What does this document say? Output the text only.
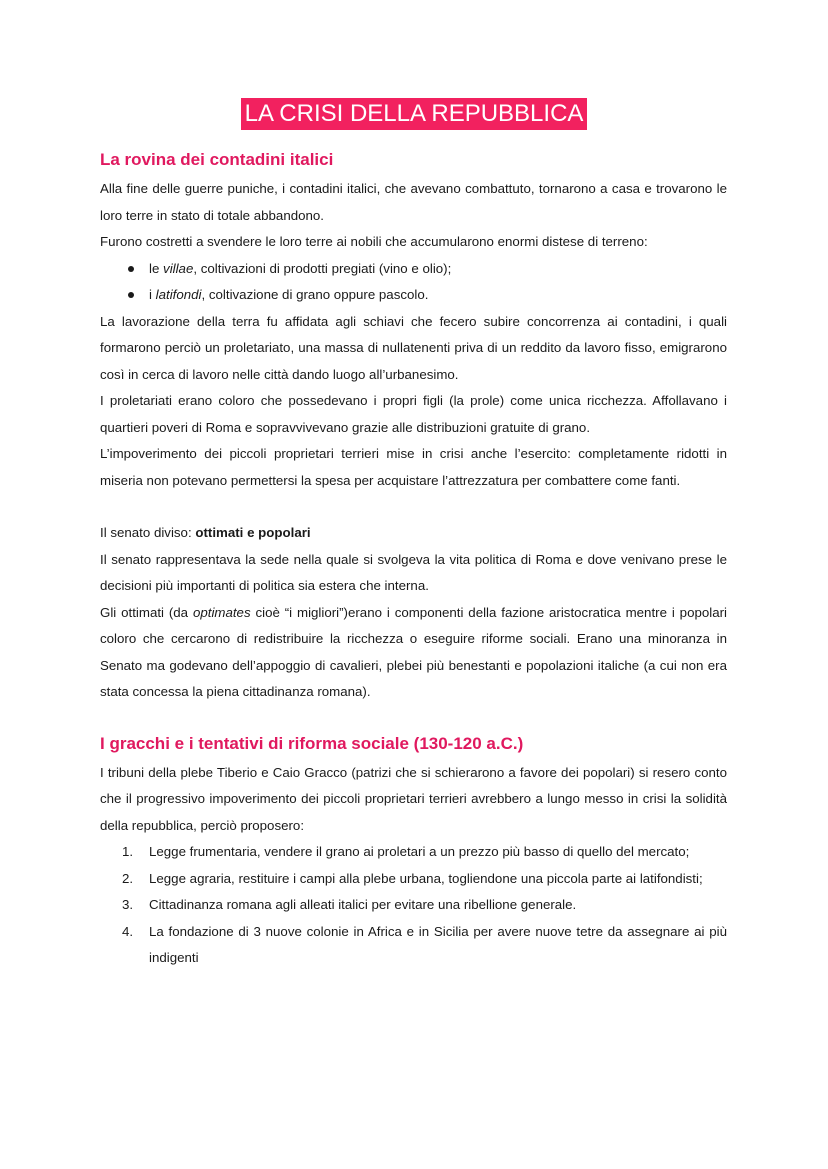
LA CRISI DELLA REPUBBLICA
La rovina dei contadini italici

Alla fine delle guerre puniche, i contadini italici, che avevano combattuto, tornarono a casa e trovarono le loro terre in stato di totale abbandono.

Furono costretti a svendere le loro terre ai nobili che accumularono enormi distese di terreno:

le villae, coltivazioni di prodotti pregiati (vino e olio);
i latifondi, coltivazione di grano oppure pascolo.

La lavorazione della terra fu affidata agli schiavi che fecero subire concorrenza ai contadini, i quali formarono perciò un proletariato, una massa di nullatenenti priva di un reddito da lavoro fisso, emigrarono così in cerca di lavoro nelle città dando luogo all’urbanesimo.

I proletariati erano coloro che possedevano i propri figli (la prole) come unica ricchezza. Affollavano i quartieri poveri di Roma e sopravvivevano grazie alle distribuzioni gratuite di grano.

L’impoverimento dei piccoli proprietari terrieri mise in crisi anche l’esercito: completamente ridotti in miseria non potevano permettersi la spesa per acquistare l’attrezzatura per combattere come fanti.

Il senato diviso: ottimati e popolari

Il senato rappresentava la sede nella quale si svolgeva la vita politica di Roma e dove venivano prese le decisioni più importanti di politica sia estera che interna.

Gli ottimati (da optimates cioè “i migliori”)erano i componenti della fazione aristocratica mentre i popolari coloro che cercarono di redistribuire la ricchezza o eseguire riforme sociali. Erano una minoranza in Senato ma godevano dell’appoggio di cavalieri, plebei più benestanti e popolazioni italiche (a cui non era stata concessa la piena cittadinanza romana).

I gracchi e i tentativi di riforma sociale (130-120 a.C.)

I tribuni della plebe Tiberio e Caio Gracco (patrizi che si schierarono a favore dei popolari) si resero conto che il progressivo impoverimento dei piccoli proprietari terrieri avrebbero a lungo messo in crisi la solidità della repubblica, perciò proposero:

1. Legge frumentaria, vendere il grano ai proletari a un prezzo più basso di quello del mercato;
2. Legge agraria, restituire i campi alla plebe urbana, togliendone una piccola parte ai latifondisti;
3. Cittadinanza romana agli alleati italici per evitare una ribellione generale.
4. La fondazione di 3 nuove colonie in Africa e in Sicilia per avere nuove tetre da assegnare ai più indigenti
